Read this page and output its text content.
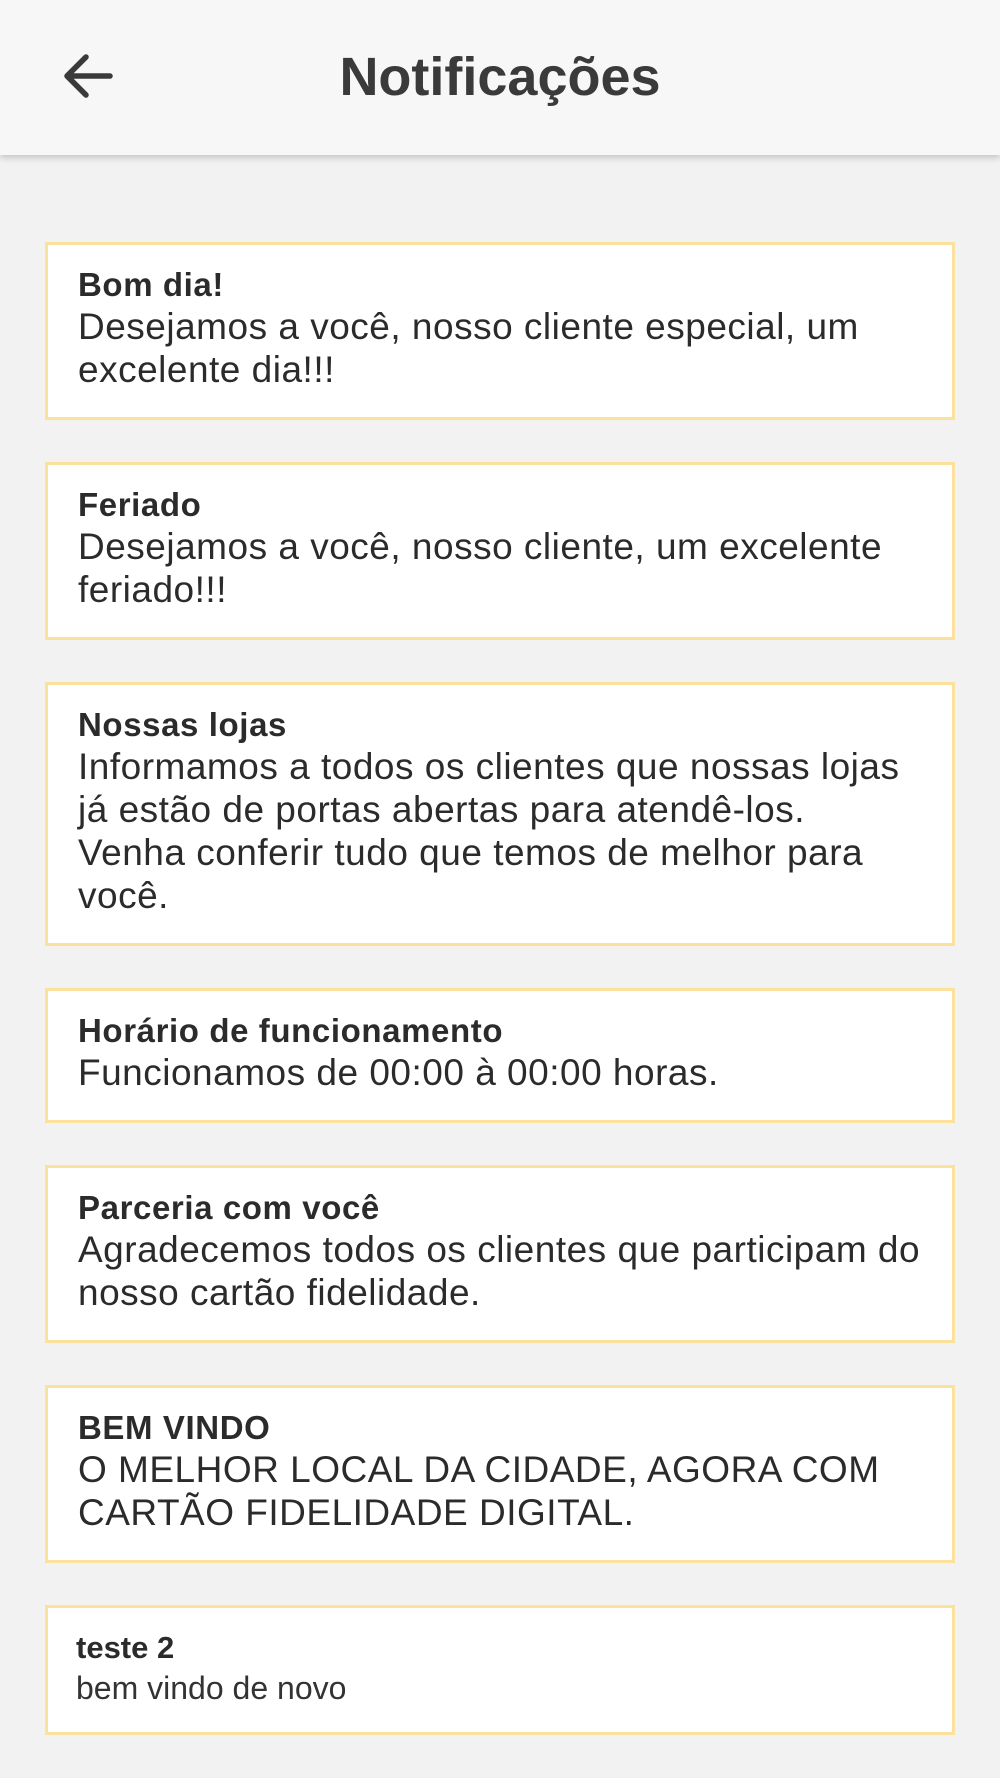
Notificações
Bom dia!
Desejamos a você, nosso cliente especial, um excelente dia!!!
Feriado
Desejamos a você, nosso cliente, um excelente feriado!!!
Nossas lojas
Informamos a todos os clientes que nossas lojas já estão de portas abertas para atendê-los. Venha conferir tudo que temos de melhor para você.
Horário de funcionamento
Funcionamos de 00:00 à 00:00 horas.
Parceria com você
Agradecemos todos os clientes que participam do nosso cartão fidelidade.
BEM VINDO
O MELHOR LOCAL DA CIDADE, AGORA COM CARTÃO FIDELIDADE DIGITAL.
teste 2
bem vindo de novo
